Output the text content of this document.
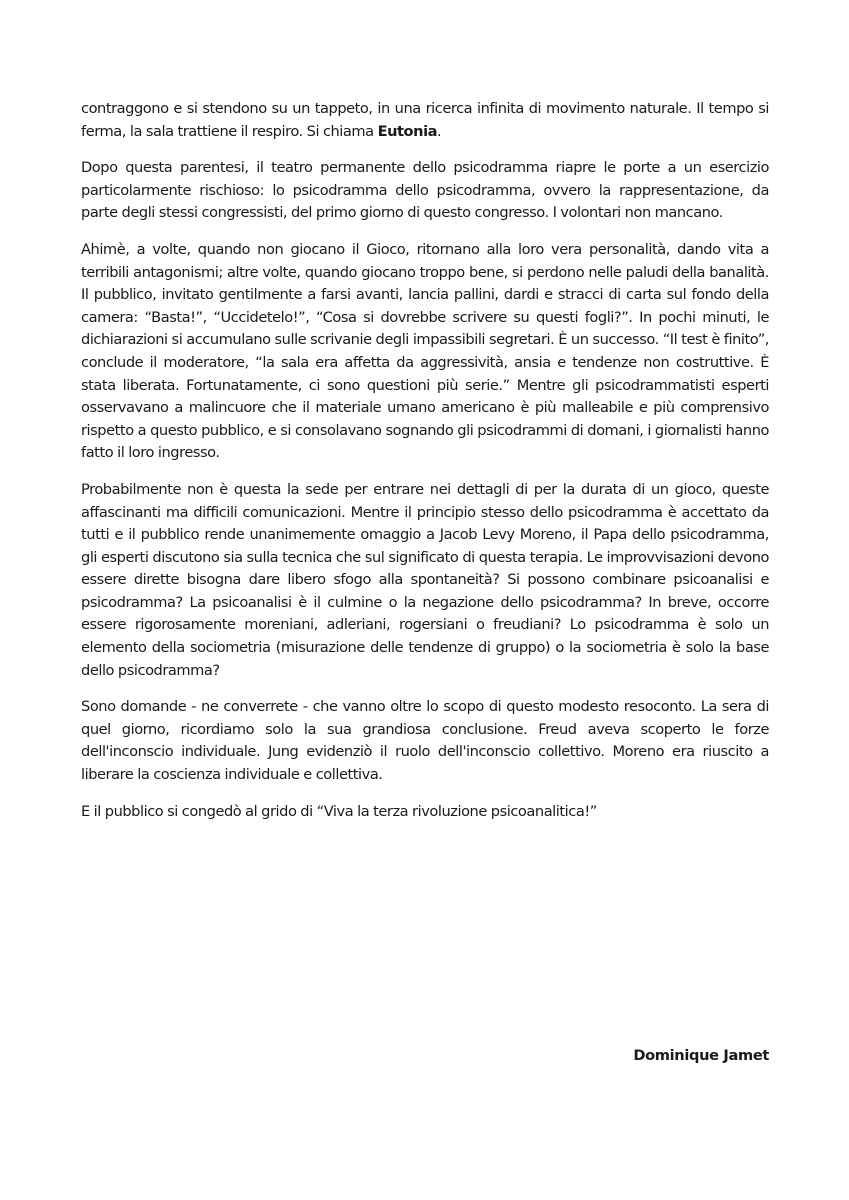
contraggono e si stendono su un tappeto, in una ricerca infinita di movimento naturale. Il tempo si ferma, la sala trattiene il respiro. Si chiama Eutonia.

Dopo questa parentesi, il teatro permanente dello psicodramma riapre le porte a un esercizio particolarmente rischioso: lo psicodramma dello psicodramma, ovvero la rappresentazione, da parte degli stessi congressisti, del primo giorno di questo congresso. I volontari non mancano.

Ahimè, a volte, quando non giocano il Gioco, ritornano alla loro vera personalità, dando vita a terribili antagonismi; altre volte, quando giocano troppo bene, si perdono nelle paludi della banalità. Il pubblico, invitato gentilmente a farsi avanti, lancia pallini, dardi e stracci di carta sul fondo della camera: “Basta!”, “Uccidetelo!”, “Cosa si dovrebbe scrivere su questi fogli?”. In pochi minuti, le dichiarazioni si accumulano sulle scrivanie degli impassibili segretari. È un successo. “Il test è finito”, conclude il moderatore, “la sala era affetta da aggressività, ansia e tendenze non costruttive. È stata liberata. Fortunatamente, ci sono questioni più serie.” Mentre gli psicodrammatisti esperti osservavano a malincuore che il materiale umano americano è più malleabile e più comprensivo rispetto a questo pubblico, e si consolavano sognando gli psicodrammi di domani, i giornalisti hanno fatto il loro ingresso.

Probabilmente non è questa la sede per entrare nei dettagli di per la durata di un gioco, queste affascinanti ma difficili comunicazioni. Mentre il principio stesso dello psicodramma è accettato da tutti e il pubblico rende unanimemente omaggio a Jacob Levy Moreno, il Papa dello psicodramma, gli esperti discutono sia sulla tecnica che sul significato di questa terapia. Le improvvisazioni devono essere dirette bisogna dare libero sfogo alla spontaneità? Si possono combinare psicoanalisi e psicodramma? La psicoanalisi è il culmine o la negazione dello psicodramma? In breve, occorre essere rigorosamente moreniani, adleriani, rogersiani o freudiani? Lo psicodramma è solo un elemento della sociometria (misurazione delle tendenze di gruppo) o la sociometria è solo la base dello psicodramma?

Sono domande - ne converrete - che vanno oltre lo scopo di questo modesto resoconto. La sera di quel giorno, ricordiamo solo la sua grandiosa conclusione. Freud aveva scoperto le forze dell'inconscio individuale. Jung evidenziò il ruolo dell'inconscio collettivo. Moreno era riuscito a liberare la coscienza individuale e collettiva.

E il pubblico si congedò al grido di “Viva la terza rivoluzione psicoanalitica!”

Dominique Jamet
